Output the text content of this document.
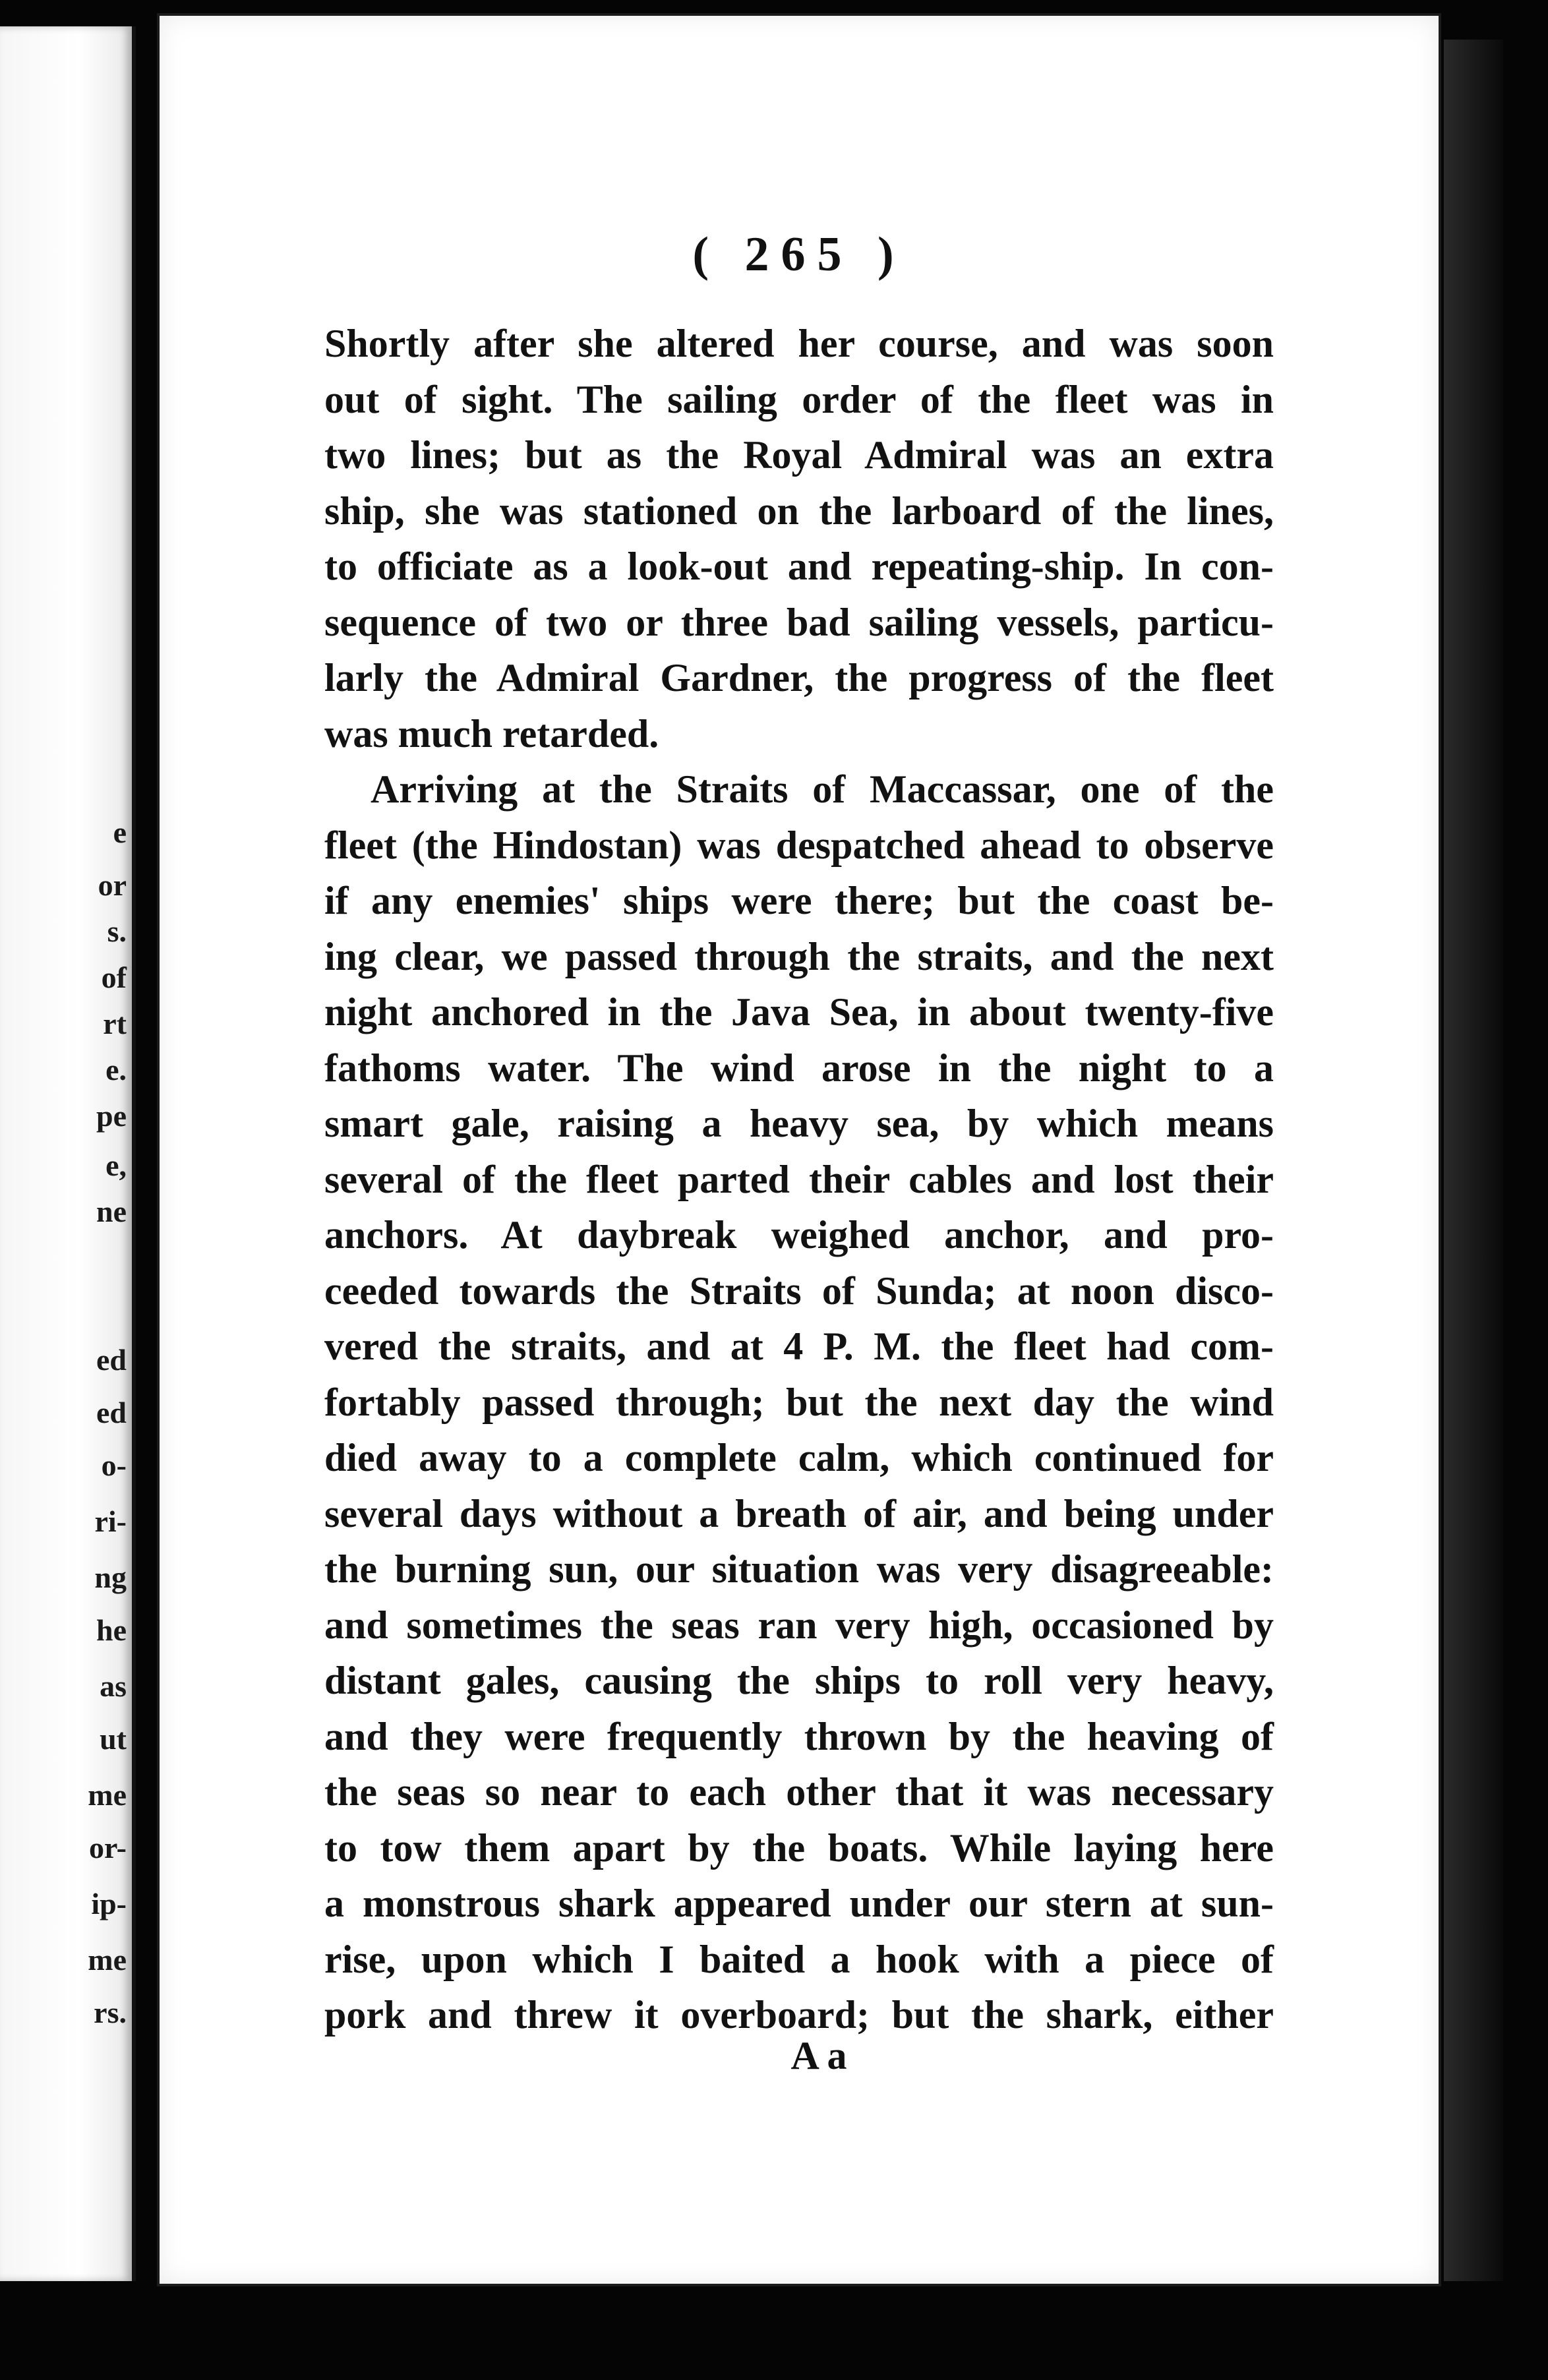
e
or
s.
of
rt
e.
pe
e,
ne
ed
ed
o-
ri-
ng
he
as
ut
me
or-
ip-
me
rs.
( 265 )
Shortly after she altered her course, and was soon
out of sight. The sailing order of the fleet was in
two lines; but as the Royal Admiral was an extra
ship, she was stationed on the larboard of the lines,
to officiate as a look-out and repeating-ship. In con-
sequence of two or three bad sailing vessels, particu-
larly the Admiral Gardner, the progress of the fleet
was much retarded.
Arriving at the Straits of Maccassar, one of the
fleet (the Hindostan) was despatched ahead to observe
if any enemies' ships were there; but the coast be-
ing clear, we passed through the straits, and the next
night anchored in the Java Sea, in about twenty-five
fathoms water. The wind arose in the night to a
smart gale, raising a heavy sea, by which means
several of the fleet parted their cables and lost their
anchors. At daybreak weighed anchor, and pro-
ceeded towards the Straits of Sunda; at noon disco-
vered the straits, and at 4 P. M. the fleet had com-
fortably passed through; but the next day the wind
died away to a complete calm, which continued for
several days without a breath of air, and being under
the burning sun, our situation was very disagreeable:
and sometimes the seas ran very high, occasioned by
distant gales, causing the ships to roll very heavy,
and they were frequently thrown by the heaving of
the seas so near to each other that it was necessary
to tow them apart by the boats. While laying here
a monstrous shark appeared under our stern at sun-
rise, upon which I baited a hook with a piece of
pork and threw it overboard; but the shark, either
A a
